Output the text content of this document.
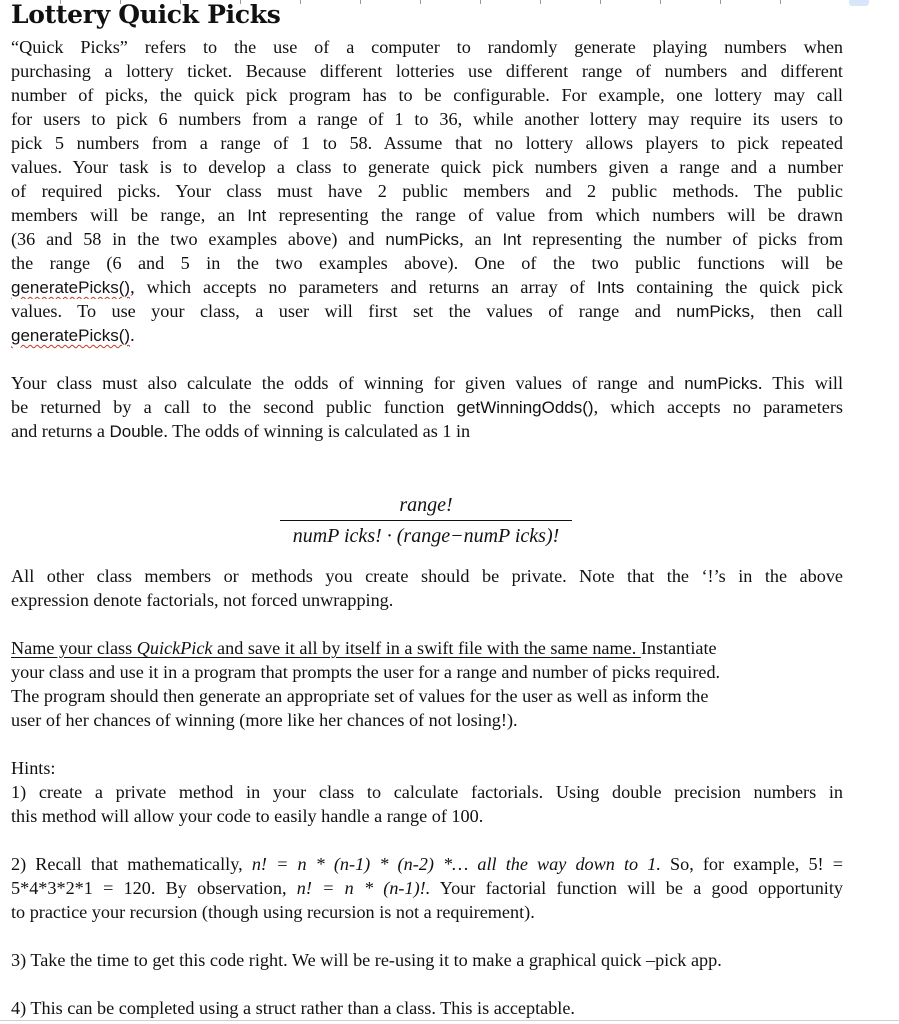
Lottery Quick Picks
“Quick Picks” refers to the use of a computer to randomly generate playing numbers when
purchasing a lottery ticket. Because different lotteries use different range of numbers and different
number of picks, the quick pick program has to be configurable. For example, one lottery may call
for users to pick 6 numbers from a range of 1 to 36, while another lottery may require its users to
pick 5 numbers from a range of 1 to 58. Assume that no lottery allows players to pick repeated
values. Your task is to develop a class to generate quick pick numbers given a range and a number
of required picks. Your class must have 2 public members and 2 public methods. The public
members will be range, an Int representing the range of value from which numbers will be drawn
(36 and 58 in the two examples above) and numPicks, an Int representing the number of picks from
the range (6 and 5 in the two examples above). One of the two public functions will be
generatePicks(), which accepts no parameters and returns an array of Ints containing the quick pick
values. To use your class, a user will first set the values of range and numPicks, then call
generatePicks().
Your class must also calculate the odds of winning for given values of range and numPicks. This will
be returned by a call to the second public function getWinningOdds(), which accepts no parameters
and returns a Double. The odds of winning is calculated as 1 in
range!
numP icks! · (range−numP icks)!
All other class members or methods you create should be private. Note that the ‘!’s in the above
expression denote factorials, not forced unwrapping.
Name your class QuickPick and save it all by itself in a swift file with the same name. Instantiate
your class and use it in a program that prompts the user for a range and number of picks required.
The program should then generate an appropriate set of values for the user as well as inform the
user of her chances of winning (more like her chances of not losing!).
Hints:
1) create a private method in your class to calculate factorials. Using double precision numbers in
this method will allow your code to easily handle a range of 100.
2) Recall that mathematically, n! = n * (n-1) * (n-2) *… all the way down to 1. So, for example, 5! =
5*4*3*2*1 = 120. By observation, n! = n * (n-1)!. Your factorial function will be a good opportunity
to practice your recursion (though using recursion is not a requirement).
3) Take the time to get this code right. We will be re-using it to make a graphical quick –pick app.
4) This can be completed using a struct rather than a class. This is acceptable.
